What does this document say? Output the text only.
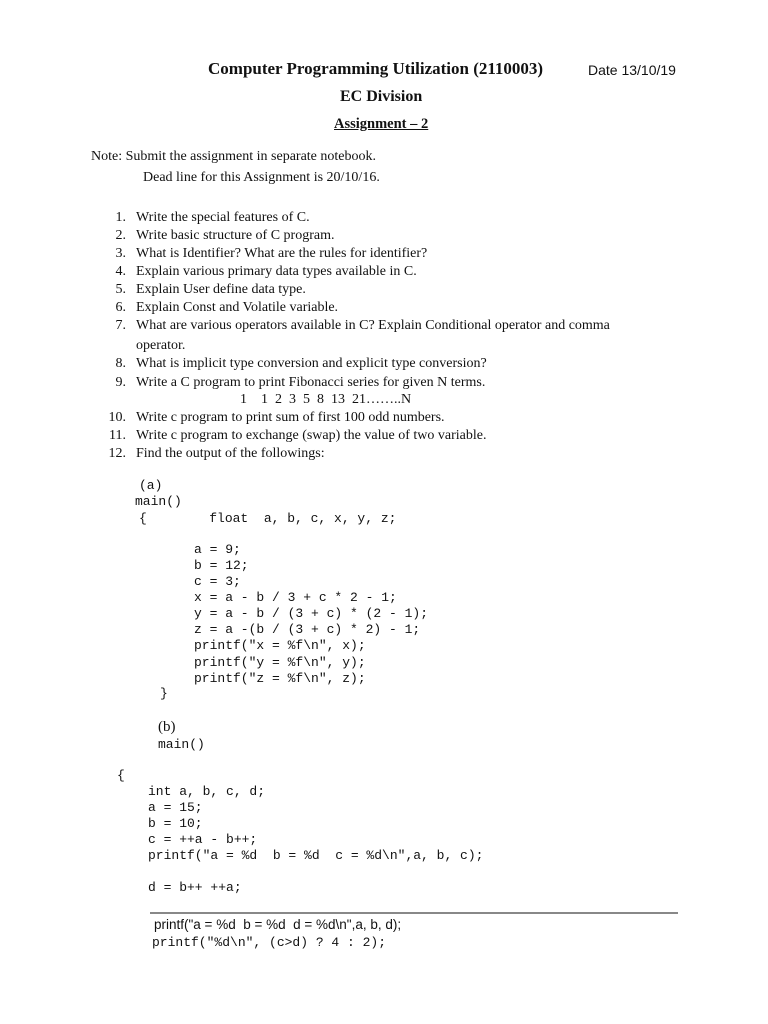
Computer Programming Utilization (2110003)	Date 13/10/19
EC Division
Assignment – 2
Note: Submit the assignment in separate notebook.
Dead line for this Assignment is 20/10/16.
1. Write the special features of C.
2. Write basic structure of C program.
3. What is Identifier? What are the rules for identifier?
4. Explain various primary data types available in C.
5. Explain User define data type.
6. Explain Const and Volatile variable.
7. What are various operators available in C? Explain Conditional operator and comma
operator.
8. What is implicit type conversion and explicit type conversion?
9. Write a C program to print Fibonacci series for given N terms.
1    1  2  3  5  8  13  21……..N
10. Write c program to print sum of first 100 odd numbers.
11. Write c program to exchange (swap) the value of two variable.
12. Find the output of the followings:
(a)
main()
{        float  a, b, c, x, y, z;
a = 9;
b = 12;
c = 3;
x = a - b / 3 + c * 2 - 1;
y = a - b / (3 + c) * (2 - 1);
z = a -(b / (3 + c) * 2) - 1;
printf("x = %f\n", x);
printf("y = %f\n", y);
printf("z = %f\n", z);
}
(b)
main()
{
int a, b, c, d;
a = 15;
b = 10;
c = ++a - b++;
printf("a = %d  b = %d  c = %d\n",a, b, c);
d = b++ ++a;
printf("a = %d  b = %d  d = %d\n",a, b, d);
printf("%d\n", (c>d) ? 4 : 2);
